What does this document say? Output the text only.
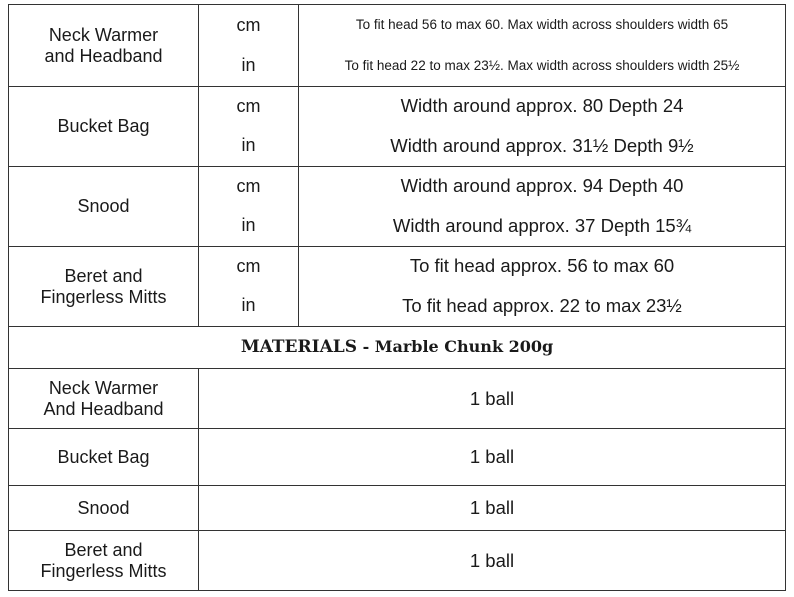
Neck Warmer
and Headband
cm	To fit head 56 to max 60. Max width across shoulders width 65
in	To fit head 22 to max 23½. Max width across shoulders width 25½
Bucket Bag
cm	Width around approx. 80 Depth 24
in	Width around approx. 31½ Depth 9½
Snood
cm	Width around approx. 94 Depth 40
in	Width around approx. 37 Depth 15¾
Beret and
Fingerless Mitts
cm	To fit head approx. 56 to max 60
in	To fit head approx. 22 to max 23½
MATERIALS - Marble Chunk 200g
Neck Warmer
And Headband	1 ball
Bucket Bag	1 ball
Snood	1 ball
Beret and
Fingerless Mitts	1 ball
